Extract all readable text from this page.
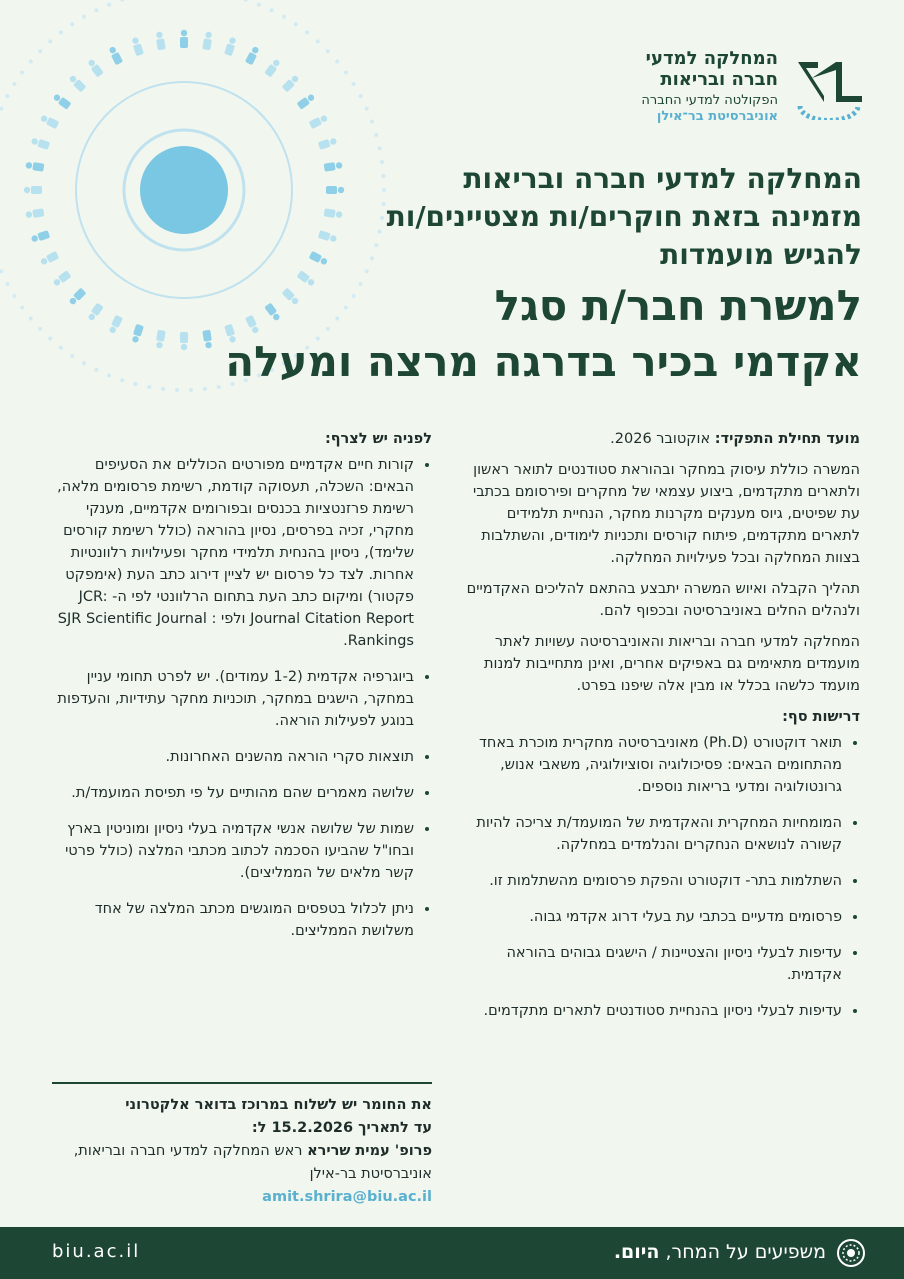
המחלקה למדעי
חברה ובריאות
הפקולטה למדעי החברה
אוניברסיטת בר־אילן
המחלקה למדעי חברה ובריאות
מזמינה בזאת חוקרים/ות מצטיינים/ות
להגיש מועמדות
למשרת חבר/ת סגל
אקדמי בכיר בדרגה מרצה ומעלה

מועד תחילת התפקיד: אוקטובר 2026.

המשרה כוללת עיסוק במחקר ובהוראת סטודנטים לתואר ראשון ולתארים מתקדמים, ביצוע עצמאי של מחקרים ופירסומם בכתבי עת שפיטים, גיוס מענקים מקרנות מחקר, הנחיית תלמידים לתארים מתקדמים, פיתוח קורסים ותכניות לימודים, והשתלבות בצוות המחלקה ובכל פעילויות המחלקה.

תהליך הקבלה ואיוש המשרה יתבצע בהתאם להליכים האקדמיים ולנהלים החלים באוניברסיטה ובכפוף להם.

המחלקה למדעי חברה ובריאות והאוניברסיטה עשויות לאתר מועמדים מתאימים גם באפיקים אחרים, ואינן מתחייבות למנות מועמד כלשהו בכלל או מבין אלה שיפנו בפרט.

דרישות סף:
• תואר דוקטורט (Ph.D) מאוניברסיטה מחקרית מוכרת באחד מהתחומים הבאים: פסיכולוגיה וסוציולוגיה, משאבי אנוש, גרונטולוגיה ומדעי בריאות נוספים.
• המומחיות המחקרית והאקדמית של המועמד/ת צריכה להיות קשורה לנושאים הנחקרים והנלמדים במחלקה.
• השתלמות בתר- דוקטורט והפקת פרסומים מהשתלמות זו.
• פרסומים מדעיים בכתבי עת בעלי דרוג אקדמי גבוה.
• עדיפות לבעלי ניסיון והצטיינות / הישגים גבוהים בהוראה אקדמית.
• עדיפות לבעלי ניסיון בהנחיית סטודנטים לתארים מתקדמים.
לפניה יש לצרף:
• קורות חיים אקדמיים מפורטים הכוללים את הסעיפים הבאים: השכלה, תעסוקה קודמת, רשימת פרסומים מלאה, רשימת פרזנטציות בכנסים ובפורומים אקדמיים, מענקי מחקרי, זכיה בפרסים, נסיון בהוראה (כולל רשימת קורסים שלימד), ניסיון בהנחית תלמידי מחקר ופעילויות רלוונטיות אחרות. לצד כל פרסום יש לציין דירוג כתב העת (אימפקט פקטור) ומיקום כתב העת בתחום הרלוונטי לפי ה- JCR: Journal Citation Report ולפי : SJR Scientific Journal Rankings.
• ביוגרפיה אקדמית (1-2 עמודים). יש לפרט תחומי עניין במחקר, הישגים במחקר, תוכניות מחקר עתידיות, והעדפות בנוגע לפעילות הוראה.
• תוצאות סקרי הוראה מהשנים האחרונות.
• שלושה מאמרים שהם מהותיים על פי תפיסת המועמד/ת.
• שמות של שלושה אנשי אקדמיה בעלי ניסיון ומוניטין בארץ ובחו"ל שהביעו הסכמה לכתוב מכתבי המלצה (כולל פרטי קשר מלאים של הממליצים).
• ניתן לכלול בטפסים המוגשים מכתב המלצה של אחד משלושת הממליצים.
את החומר יש לשלוח במרוכז בדואר אלקטרוני
עד לתאריך 15.2.2026 ל:
פרופ' עמית שרירא ראש המחלקה למדעי חברה ובריאות, אוניברסיטת בר-אילן
amit.shrira@biu.ac.il
משפיעים על המחר, היום.
biu.ac.il
